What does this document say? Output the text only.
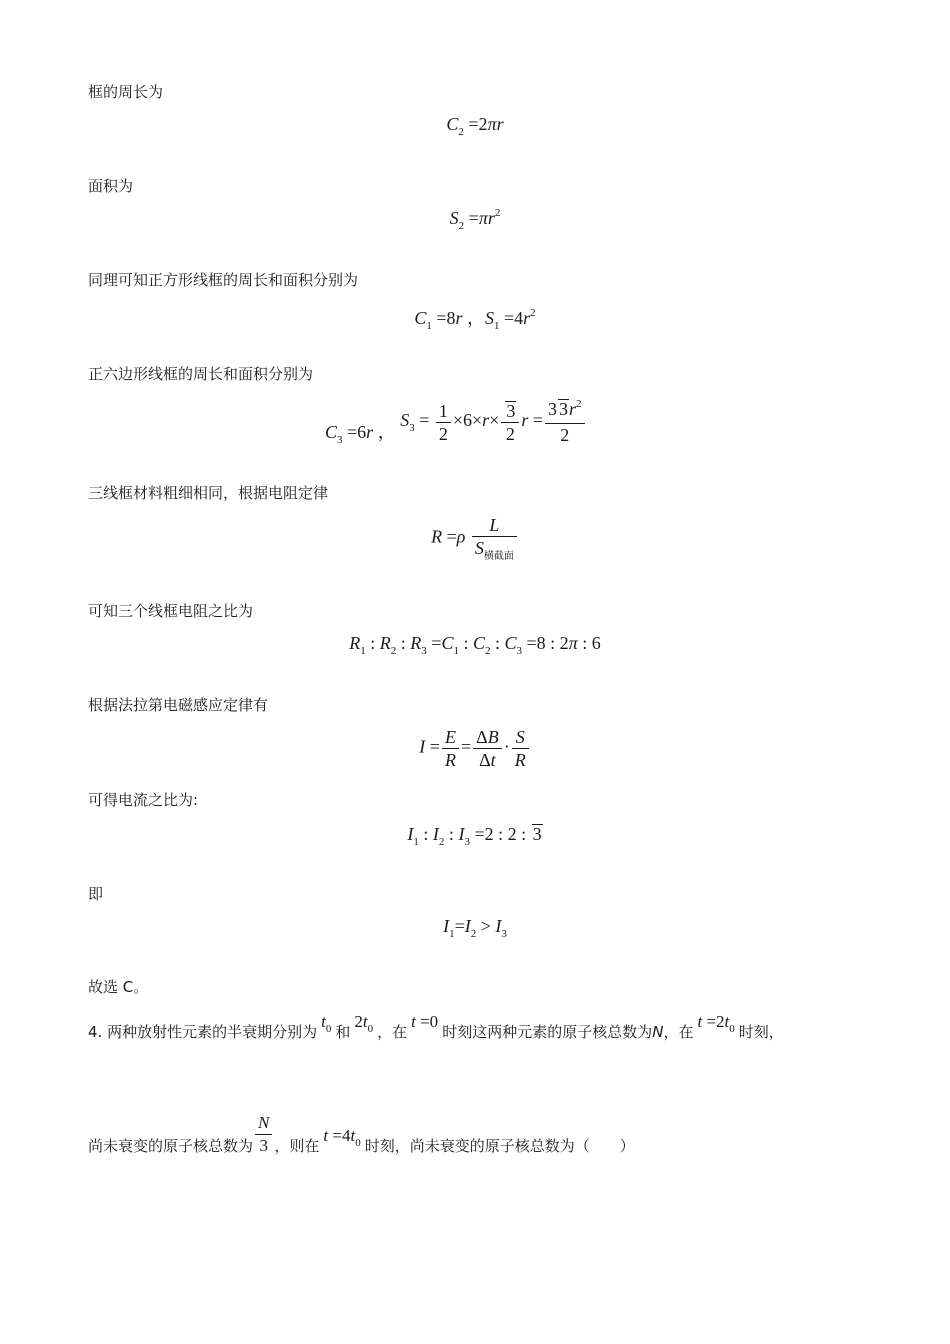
框的周长为
$C_2 =2\pi r$
面积为
$S_2 =\pi r^2$
同理可知正方形线框的周长和面积分别为
$C_1 =8r$ ，$S_1 =4r^2$
正六边形线框的周长和面积分别为
$C_3 =6r$ ， $S_3 = \frac{1}{2} \times 6\times r\times \frac{3}{2}$ $r = \frac{3 3r^2}{2}$
三线框材料粗细相同，根据电阻定律
$R =\rho \frac{L}{S_{横截面}}$
可知三个线框电阻之比为
$R_1$ : $R_2$ : $R_3 =C_1$ : $C_2$ : $C_3 =8$ : 2π : 6
根据法拉第电磁感应定律有
$I = \frac{E}{R} = \frac{\Delta B}{\Delta t} \cdot \frac{S}{R}$
可得电流之比为:
$I_1$ : $I_2$ : $I_3 =2$ : 2 : 3
即
$I_1=I_2 > I_3$
故选 C。
4. 两种放射性元素的半衰期分别为$t_0$ 和$2t_0$ ，在t =0时刻这两种元素的原子核总数为N，在$t =2t_0$ 时刻，
尚未衰变的原子核总数为 $\frac{N}{3}$ ，则在$t =4t_0$ 时刻，尚未衰变的原子核总数为（　　）
